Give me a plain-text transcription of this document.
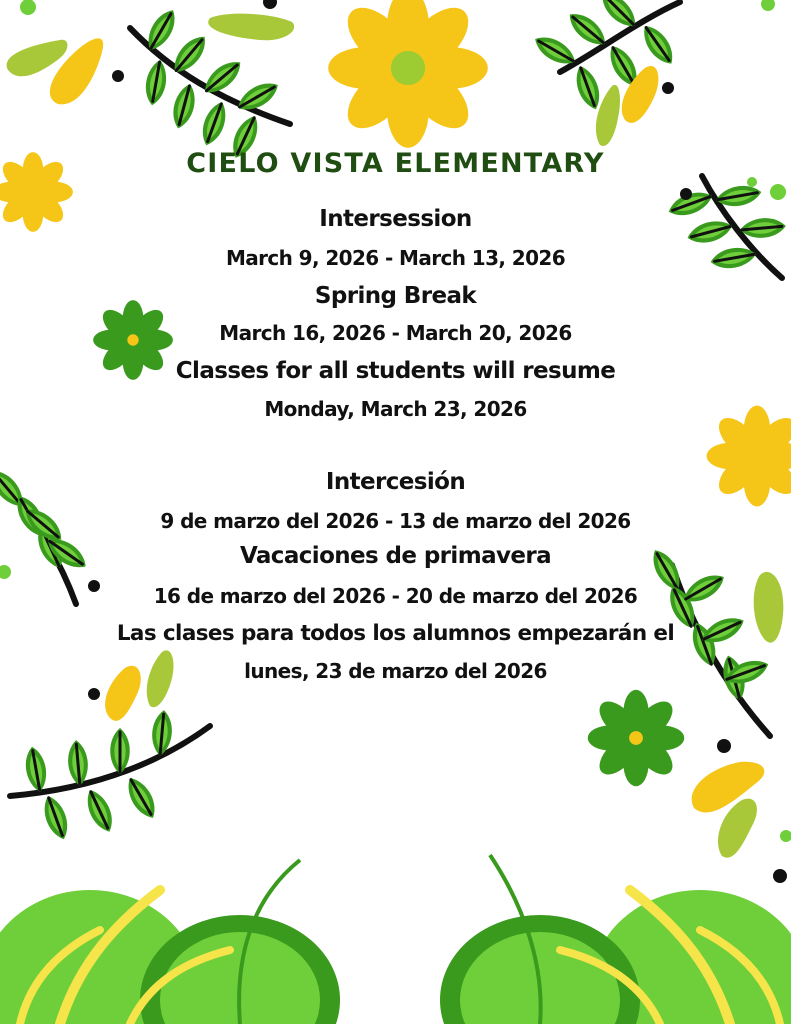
CIELO VISTA ELEMENTARY
Intersession
March 9, 2026 - March 13, 2026
Spring Break
March 16, 2026 - March 20, 2026
Classes for all students will resume
Monday, March 23, 2026
Intercesión
9 de marzo del 2026 - 13 de marzo del 2026
Vacaciones de primavera
16 de marzo del 2026 - 20 de marzo del 2026
Las clases para todos los alumnos empezarán el
lunes, 23 de marzo del 2026
